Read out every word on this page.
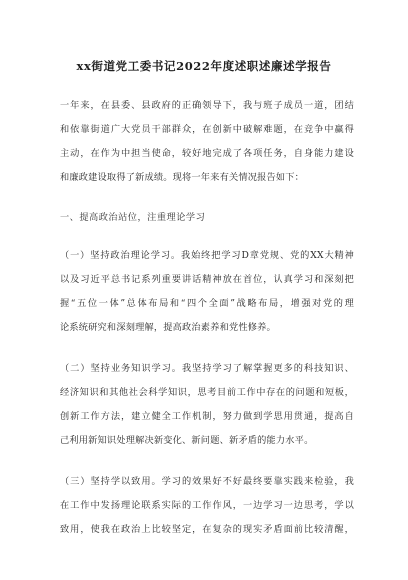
xx街道党工委书记2022年度述职述廉述学报告
一年来，在县委、县政府的正确领导下，我与班子成员一道，团结
和依靠街道广大党员干部群众，在创新中破解难题，在竞争中赢得
主动，在作为中担当使命，较好地完成了各项任务，自身能力建设
和廉政建设取得了新成绩。现将一年来有关情况报告如下：
一、提高政治站位，注重理论学习
（一）坚持政治理论学习。我始终把学习D章党规、党的XX大精神
以及习近平总书记系列重要讲话精神放在首位，认真学习和深刻把
握“五位一体”总体布局和“四个全面”战略布局，增强对党的理
论系统研究和深刻理解，提高政治素养和党性修养。
（二）坚持业务知识学习。我坚持学习了解掌握更多的科技知识、
经济知识和其他社会科学知识，思考目前工作中存在的问题和短板，
创新工作方法，建立健全工作机制，努力做到学思用贯通，提高自
己利用新知识处理解决新变化、新问题、新矛盾的能力水平。
（三）坚持学以致用。学习的效果好不好最终要靠实践来检验，我
在工作中发扬理论联系实际的工作作风，一边学习一边思考，学以
致用，使我在政治上比较坚定，在复杂的现实矛盾面前比较清醒，
